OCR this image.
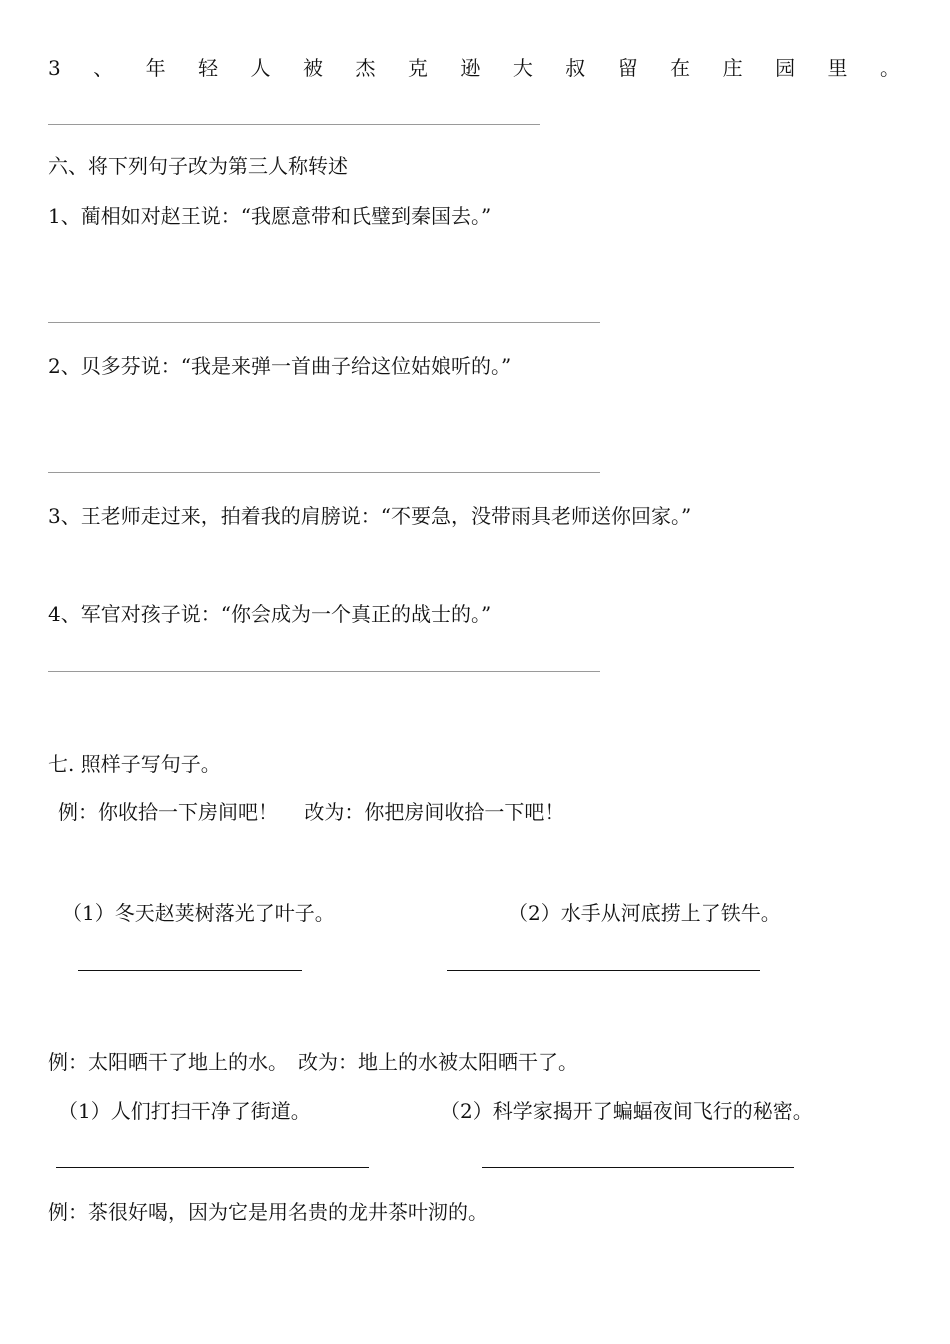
3 、 年 轻 人 被 杰 克 逊 大 叔 留 在 庄 园 里 。

六、将下列句子改为第三人称转述

1、蔺相如对赵王说：“我愿意带和氏璧到秦国去。”

2、贝多芬说：“我是来弹一首曲子给这位姑娘听的。”

3、王老师走过来，拍着我的肩膀说：“不要急，没带雨具老师送你回家。”

4、军官对孩子说：“你会成为一个真正的战士的。”

七. 照样子写句子。

例：你收拾一下房间吧！　 改为：你把房间收拾一下吧！

（1）冬天赵荚树落光了叶子。	（2）水手从河底捞上了铁牛。

例：太阳晒干了地上的水。　改为：地上的水被太阳晒干了。

（1）人们打扫干净了街道。	（2）科学家揭开了蝙蝠夜间飞行的秘密。

例：茶很好喝，因为它是用名贵的龙井茶叶沏的。
